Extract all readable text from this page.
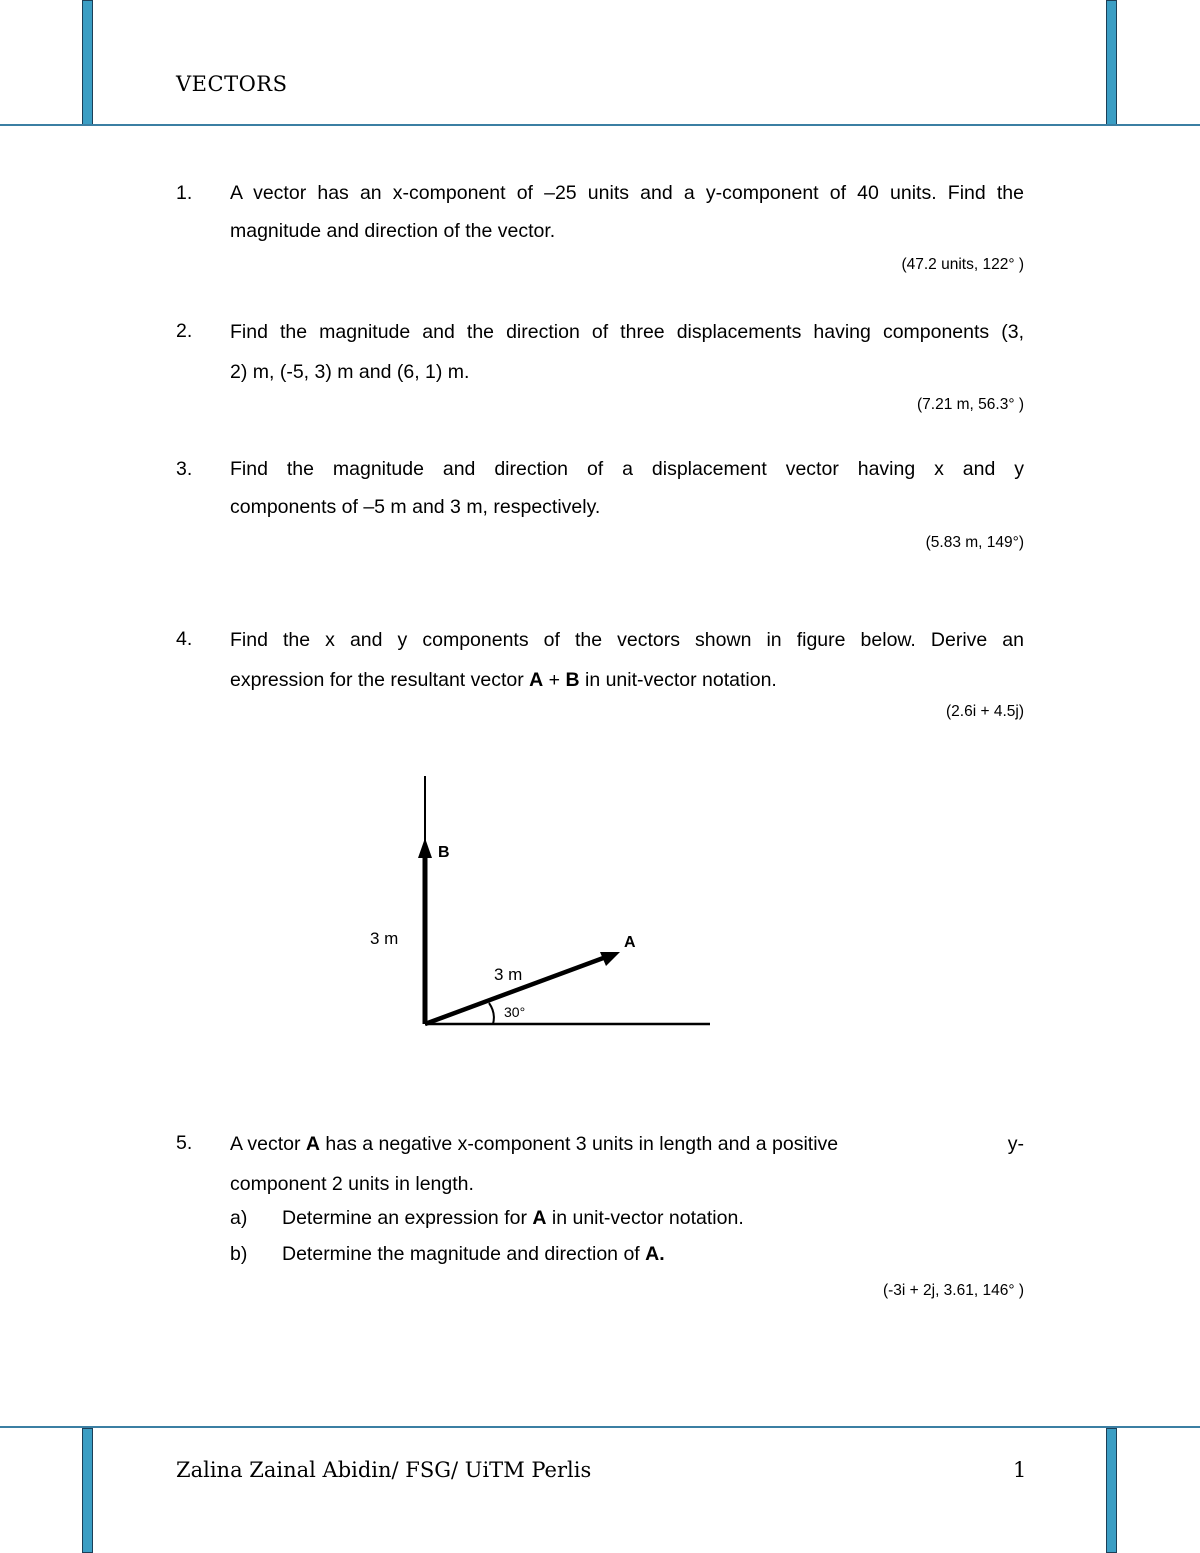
VECTORS
1. A vector has an x-component of –25 units and a y-component of 40 units. Find the
magnitude and direction of the vector.
(47.2 units, 122° )
2. Find the magnitude and the direction of three displacements having components (3,
2) m, (-5, 3) m and (6, 1) m.
(7.21 m, 56.3° )
3. Find the magnitude and direction of a displacement vector having x and y
components of –5 m and 3 m, respectively.
(5.83 m, 149°)
4. Find the x and y components of the vectors shown in figure below. Derive an
expression for the resultant vector A + B in unit-vector notation.
(2.6i + 4.5j)
B
3 m	A
3 m
30°
5. A vector A has a negative x-component 3 units in length and a positive	y-
component 2 units in length.
a) Determine an expression for A in unit-vector notation.
b) Determine the magnitude and direction of A.
(-3i + 2j, 3.61, 146° )
Zalina Zainal Abidin/ FSG/ UiTM Perlis	1
